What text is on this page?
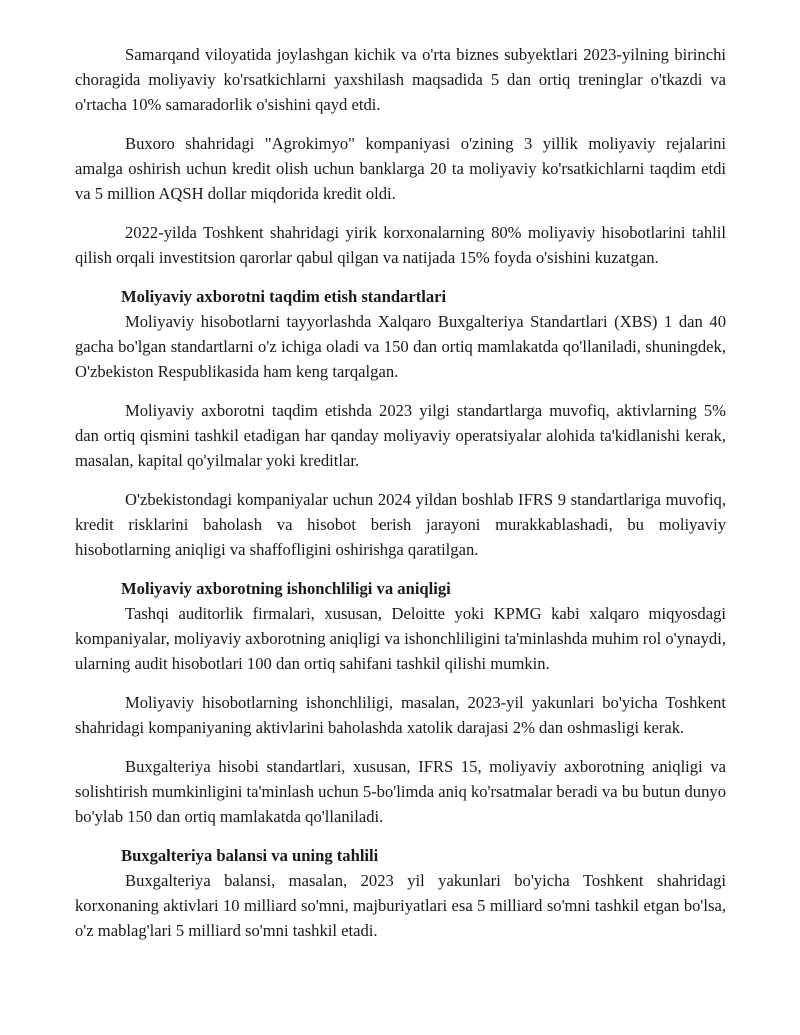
Samarqand viloyatida joylashgan kichik va o'rta biznes subyektlari 2023-yilning birinchi choragida moliyaviy ko'rsatkichlarni yaxshilash maqsadida 5 dan ortiq treninglar o'tkazdi va o'rtacha 10% samaradorlik o'sishini qayd etdi.

Buxoro shahridagi "Agrokimyo" kompaniyasi o'zining 3 yillik moliyaviy rejalarini amalga oshirish uchun kredit olish uchun banklarga 20 ta moliyaviy ko'rsatkichlarni taqdim etdi va 5 million AQSH dollar miqdorida kredit oldi.

2022-yilda Toshkent shahridagi yirik korxonalarning 80% moliyaviy hisobotlarini tahlil qilish orqali investitsion qarorlar qabul qilgan va natijada 15% foyda o'sishini kuzatgan.

Moliyaviy axborotni taqdim etish standartlari

Moliyaviy hisobotlarni tayyorlashda Xalqaro Buxgalteriya Standartlari (XBS) 1 dan 40 gacha bo'lgan standartlarni o'z ichiga oladi va 150 dan ortiq mamlakatda qo'llaniladi, shuningdek, O'zbekiston Respublikasida ham keng tarqalgan.

Moliyaviy axborotni taqdim etishda 2023 yilgi standartlarga muvofiq, aktivlarning 5% dan ortiq qismini tashkil etadigan har qanday moliyaviy operatsiyalar alohida ta'kidlanishi kerak, masalan, kapital qo'yilmalar yoki kreditlar.

O'zbekistondagi kompaniyalar uchun 2024 yildan boshlab IFRS 9 standartlariga muvofiq, kredit risklarini baholash va hisobot berish jarayoni murakkablashadi, bu moliyaviy hisobotlarning aniqligi va shaffofligini oshirishga qaratilgan.

Moliyaviy axborotning ishonchliligi va aniqligi

Tashqi auditorlik firmalari, xususan, Deloitte yoki KPMG kabi xalqaro miqyosdagi kompaniyalar, moliyaviy axborotning aniqligi va ishonchliligini ta'minlashda muhim rol o'ynaydi, ularning audit hisobotlari 100 dan ortiq sahifani tashkil qilishi mumkin.

Moliyaviy hisobotlarning ishonchliligi, masalan, 2023-yil yakunlari bo'yicha Toshkent shahridagi kompaniyaning aktivlarini baholashda xatolik darajasi 2% dan oshmasligi kerak.

Buxgalteriya hisobi standartlari, xususan, IFRS 15, moliyaviy axborotning aniqligi va solishtirish mumkinligini ta'minlash uchun 5-bo'limda aniq ko'rsatmalar beradi va bu butun dunyo bo'ylab 150 dan ortiq mamlakatda qo'llaniladi.

Buxgalteriya balansi va uning tahlili

Buxgalteriya balansi, masalan, 2023 yil yakunlari bo'yicha Toshkent shahridagi korxonaning aktivlari 10 milliard so'mni, majburiyatlari esa 5 milliard so'mni tashkil etgan bo'lsa, o'z mablag'lari 5 milliard so'mni tashkil etadi.
